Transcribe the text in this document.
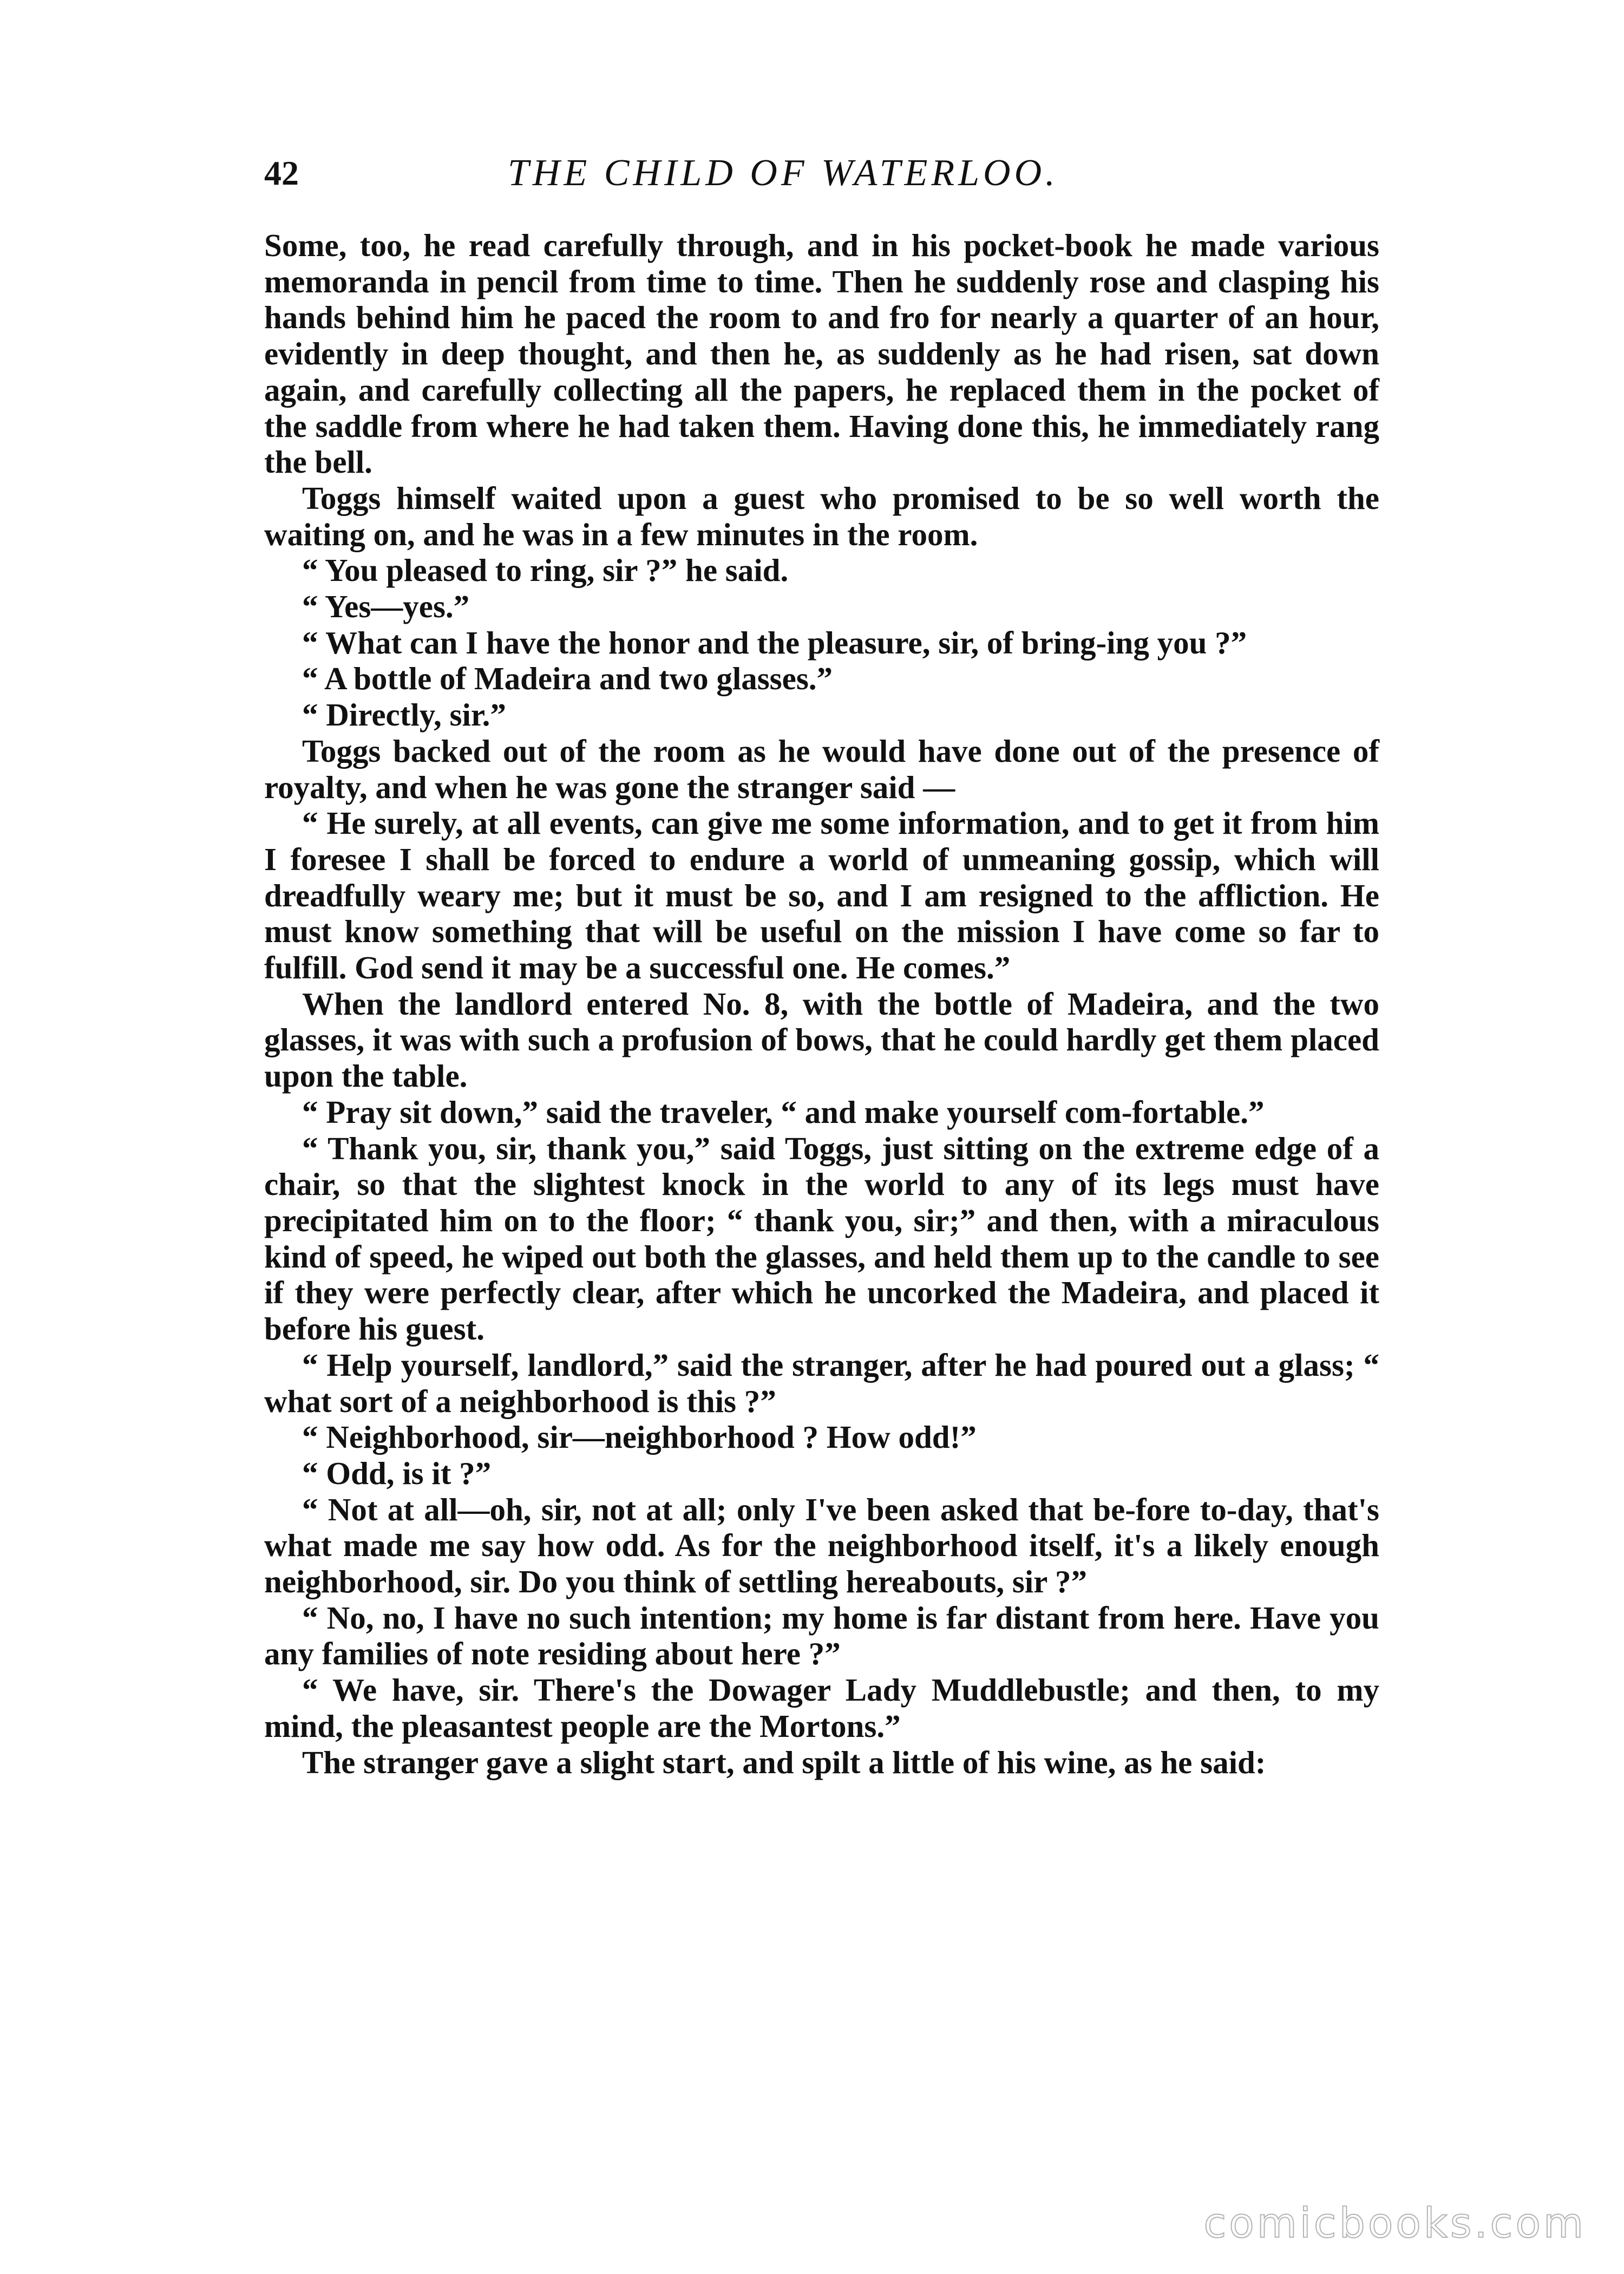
42	THE CHILD OF WATERLOO.

Some, too, he read carefully through, and in his pocket-book he made various memoranda in pencil from time to time. Then he suddenly rose and clasping his hands behind him he paced the room to and fro for nearly a quarter of an hour, evidently in deep thought, and then he, as suddenly as he had risen, sat down again, and carefully collecting all the papers, he replaced them in the pocket of the saddle from where he had taken them. Having done this, he immediately rang the bell.

Toggs himself waited upon a guest who promised to be so well worth the waiting on, and he was in a few minutes in the room.

“ You pleased to ring, sir ?” he said.

“ Yes—yes.”

“ What can I have the honor and the pleasure, sir, of bring-ing you ?”

“ A bottle of Madeira and two glasses.”

“ Directly, sir.”

Toggs backed out of the room as he would have done out of the presence of royalty, and when he was gone the stranger said —

“ He surely, at all events, can give me some information, and to get it from him I foresee I shall be forced to endure a world of unmeaning gossip, which will dreadfully weary me; but it must be so, and I am resigned to the affliction. He must know something that will be useful on the mission I have come so far to fulfill. God send it may be a successful one. He comes.”

When the landlord entered No. 8, with the bottle of Madeira, and the two glasses, it was with such a profusion of bows, that he could hardly get them placed upon the table.

“ Pray sit down,” said the traveler, “ and make yourself com-fortable.”

“ Thank you, sir, thank you,” said Toggs, just sitting on the extreme edge of a chair, so that the slightest knock in the world to any of its legs must have precipitated him on to the floor; “ thank you, sir;” and then, with a miraculous kind of speed, he wiped out both the glasses, and held them up to the candle to see if they were perfectly clear, after which he uncorked the Madeira, and placed it before his guest.

“ Help yourself, landlord,” said the stranger, after he had poured out a glass; “ what sort of a neighborhood is this ?”

“ Neighborhood, sir—neighborhood ? How odd!”

“ Odd, is it ?”

“ Not at all—oh, sir, not at all; only I've been asked that be-fore to-day, that's what made me say how odd. As for the neighborhood itself, it's a likely enough neighborhood, sir. Do you think of settling hereabouts, sir ?”

“ No, no, I have no such intention; my home is far distant from here. Have you any families of note residing about here ?”

“ We have, sir. There's the Dowager Lady Muddlebustle; and then, to my mind, the pleasantest people are the Mortons.”

The stranger gave a slight start, and spilt a little of his wine, as he said:

comicbooks.com
